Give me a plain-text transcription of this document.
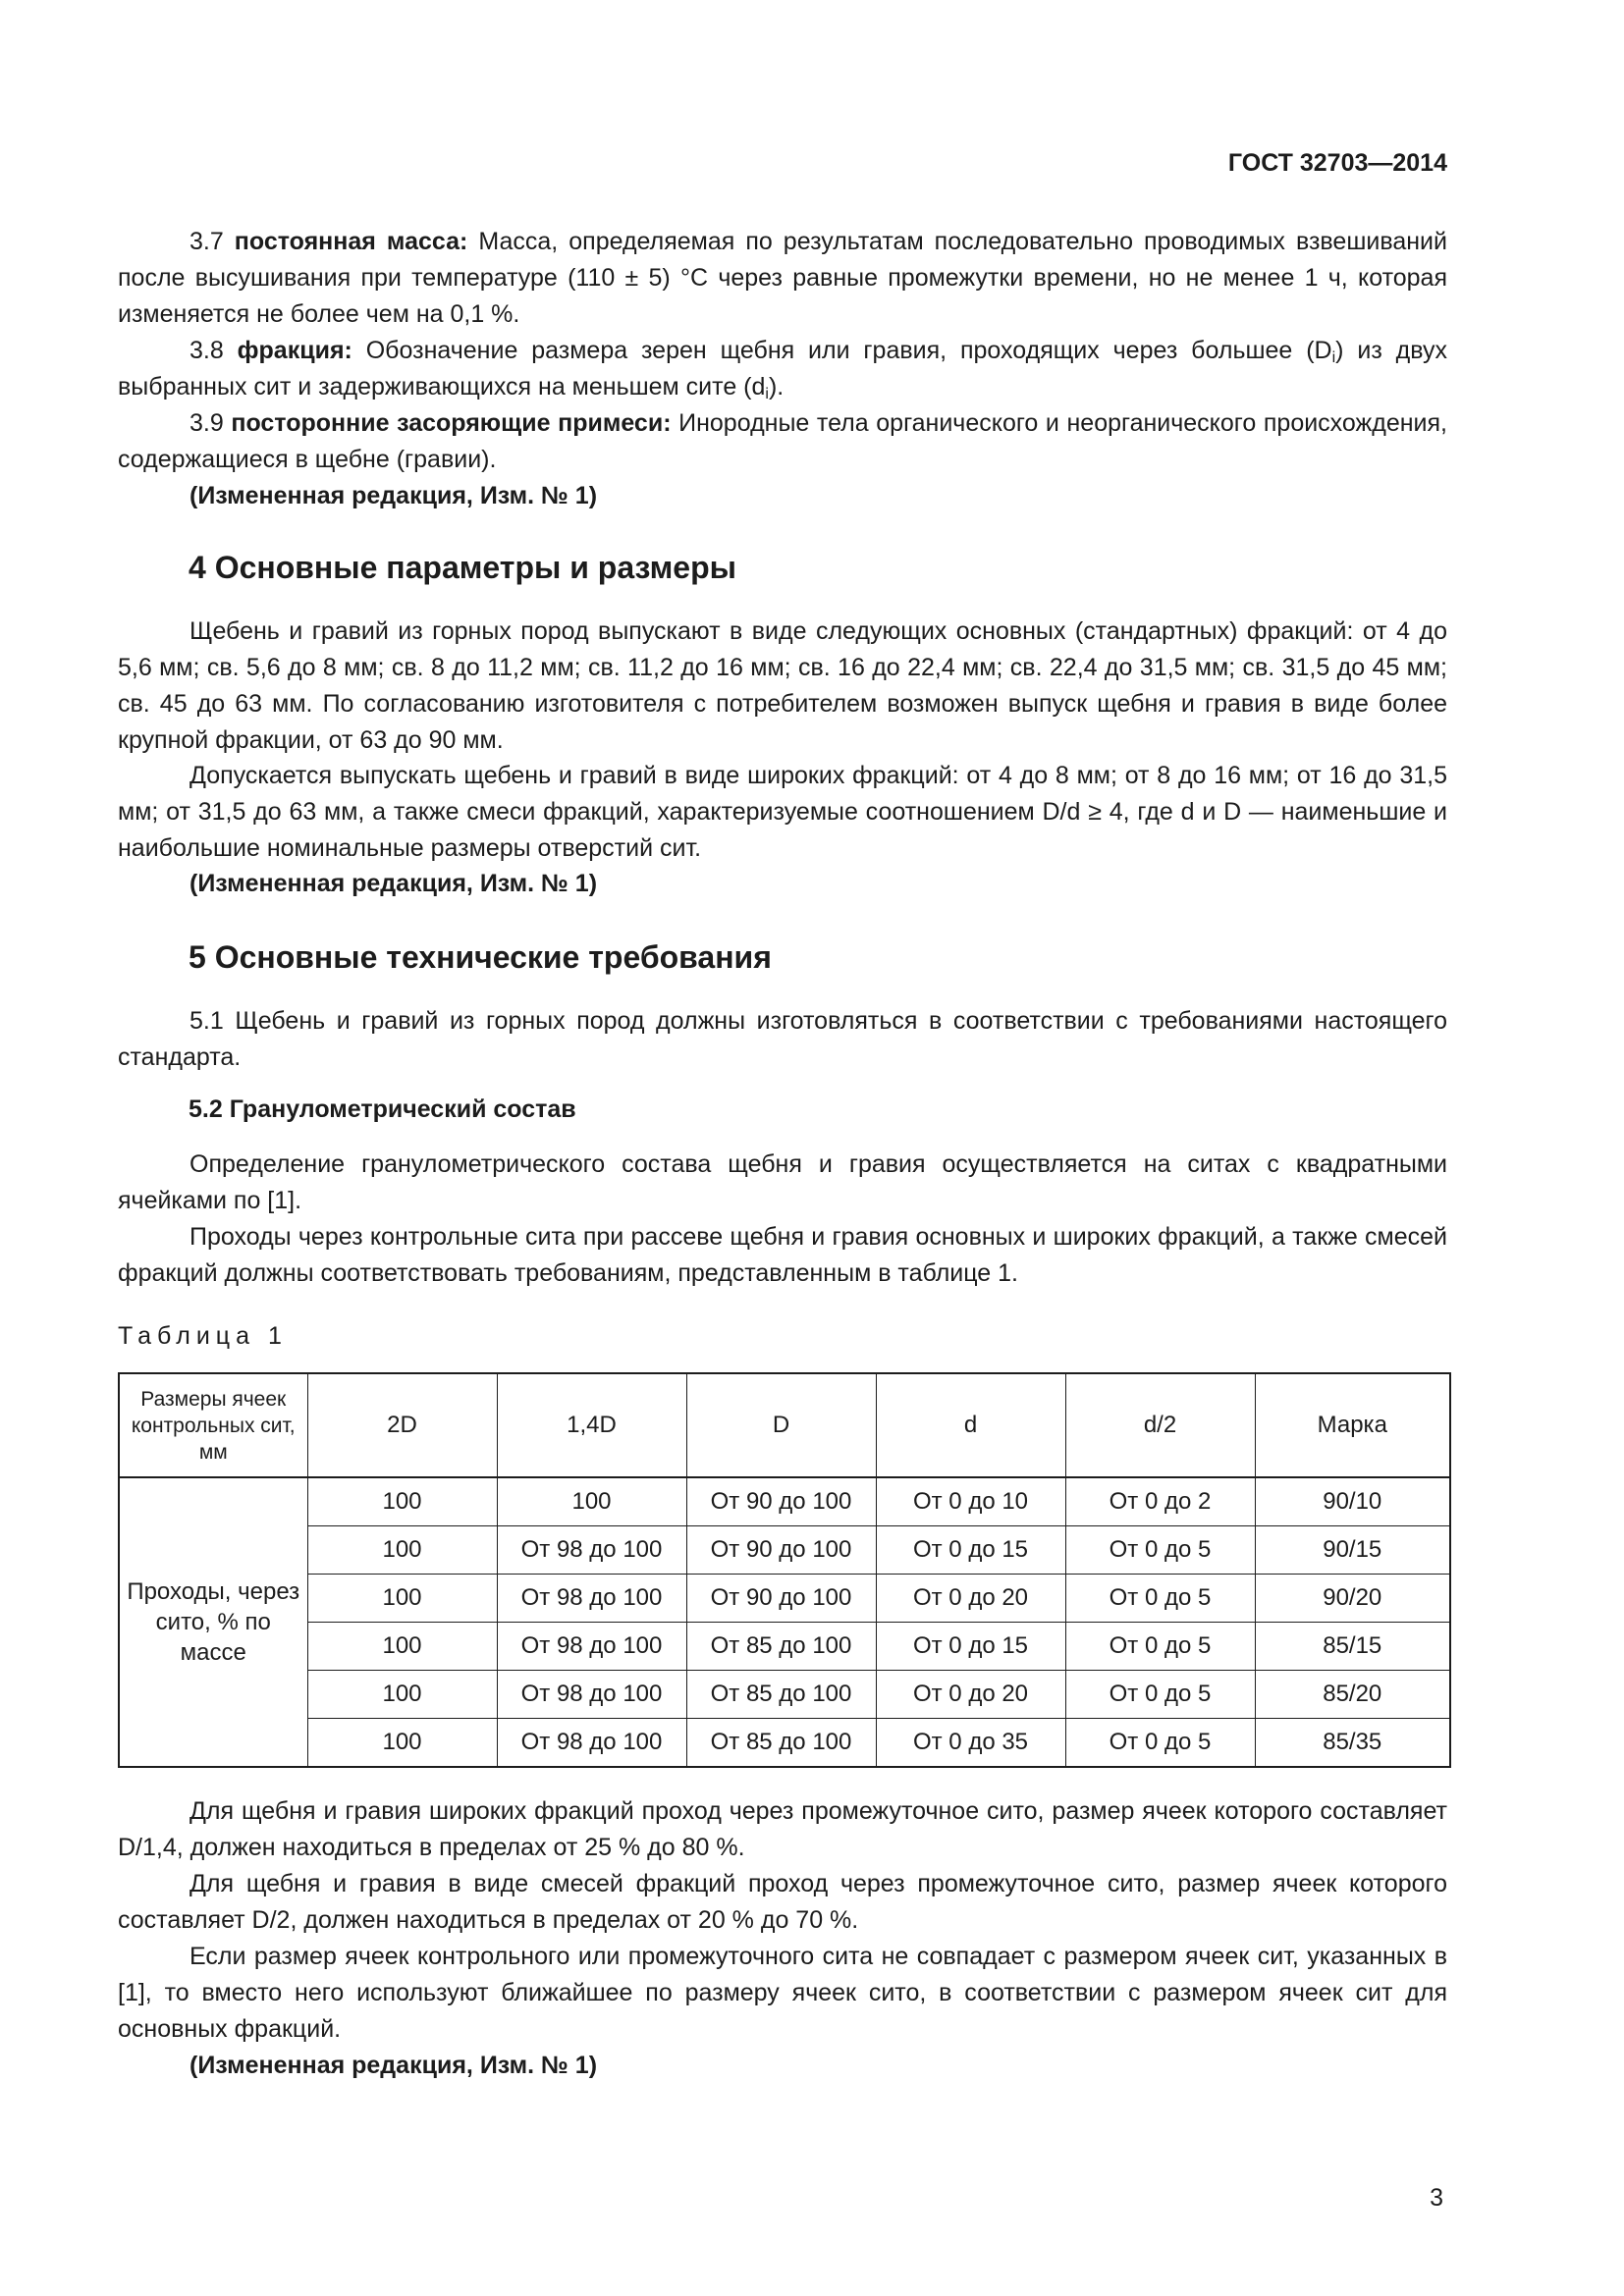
ГОСТ 32703—2014
3.7 постоянная масса: Масса, определяемая по результатам последовательно проводимых взвешиваний после высушивания при температуре (110 ± 5) °С через равные промежутки времени, но не менее 1 ч, которая изменяется не более чем на 0,1 %.
3.8 фракция: Обозначение размера зерен щебня или гравия, проходящих через большее $(D_i)$ из двух выбранных сит и задерживающихся на меньшем сите $(d_i)$.
3.9 посторонние засоряющие примеси: Инородные тела органического и неорганического происхождения, содержащиеся в щебне (гравии).
(Измененная редакция, Изм. № 1)
4 Основные параметры и размеры
Щебень и гравий из горных пород выпускают в виде следующих основных (стандартных) фракций: от 4 до 5,6 мм; св. 5,6 до 8 мм; св. 8 до 11,2 мм; св. 11,2 до 16 мм; св. 16 до 22,4 мм; св. 22,4 до 31,5 мм; св. 31,5 до 45 мм; св. 45 до 63 мм. По согласованию изготовителя с потребителем возможен выпуск щебня и гравия в виде более крупной фракции, от 63 до 90 мм.
Допускается выпускать щебень и гравий в виде широких фракций: от 4 до 8 мм; от 8 до 16 мм; от 16 до 31,5 мм; от 31,5 до 63 мм, а также смеси фракций, характеризуемые соотношением D/d ≥ 4, где d и D — наименьшие и наибольшие номинальные размеры отверстий сит.
(Измененная редакция, Изм. № 1)
5 Основные технические требования
5.1 Щебень и гравий из горных пород должны изготовляться в соответствии с требованиями настоящего стандарта.
5.2 Гранулометрический состав
Определение гранулометрического состава щебня и гравия осуществляется на ситах с квадратными ячейками по [1].
Проходы через контрольные сита при рассеве щебня и гравия основных и широких фракций, а также смесей фракций должны соответствовать требованиям, представленным в таблице 1.
Таблица 1
Размеры ячеек контрольных сит, мм	2D	1,4D	D	d	d/2	Марка
Проходы, через сито, % по массе	100	100	От 90 до 100	От 0 до 10	От 0 до 2	90/10
	100	От 98 до 100	От 90 до 100	От 0 до 15	От 0 до 5	90/15
	100	От 98 до 100	От 90 до 100	От 0 до 20	От 0 до 5	90/20
	100	От 98 до 100	От 85 до 100	От 0 до 15	От 0 до 5	85/15
	100	От 98 до 100	От 85 до 100	От 0 до 20	От 0 до 5	85/20
	100	От 98 до 100	От 85 до 100	От 0 до 35	От 0 до 5	85/35
Для щебня и гравия широких фракций проход через промежуточное сито, размер ячеек которого составляет D/1,4, должен находиться в пределах от 25 % до 80 %.
Для щебня и гравия в виде смесей фракций проход через промежуточное сито, размер ячеек которого составляет D/2, должен находиться в пределах от 20 % до 70 %.
Если размер ячеек контрольного или промежуточного сита не совпадает с размером ячеек сит, указанных в [1], то вместо него используют ближайшее по размеру ячеек сито, в соответствии с размером ячеек сит для основных фракций.
(Измененная редакция, Изм. № 1)
3
